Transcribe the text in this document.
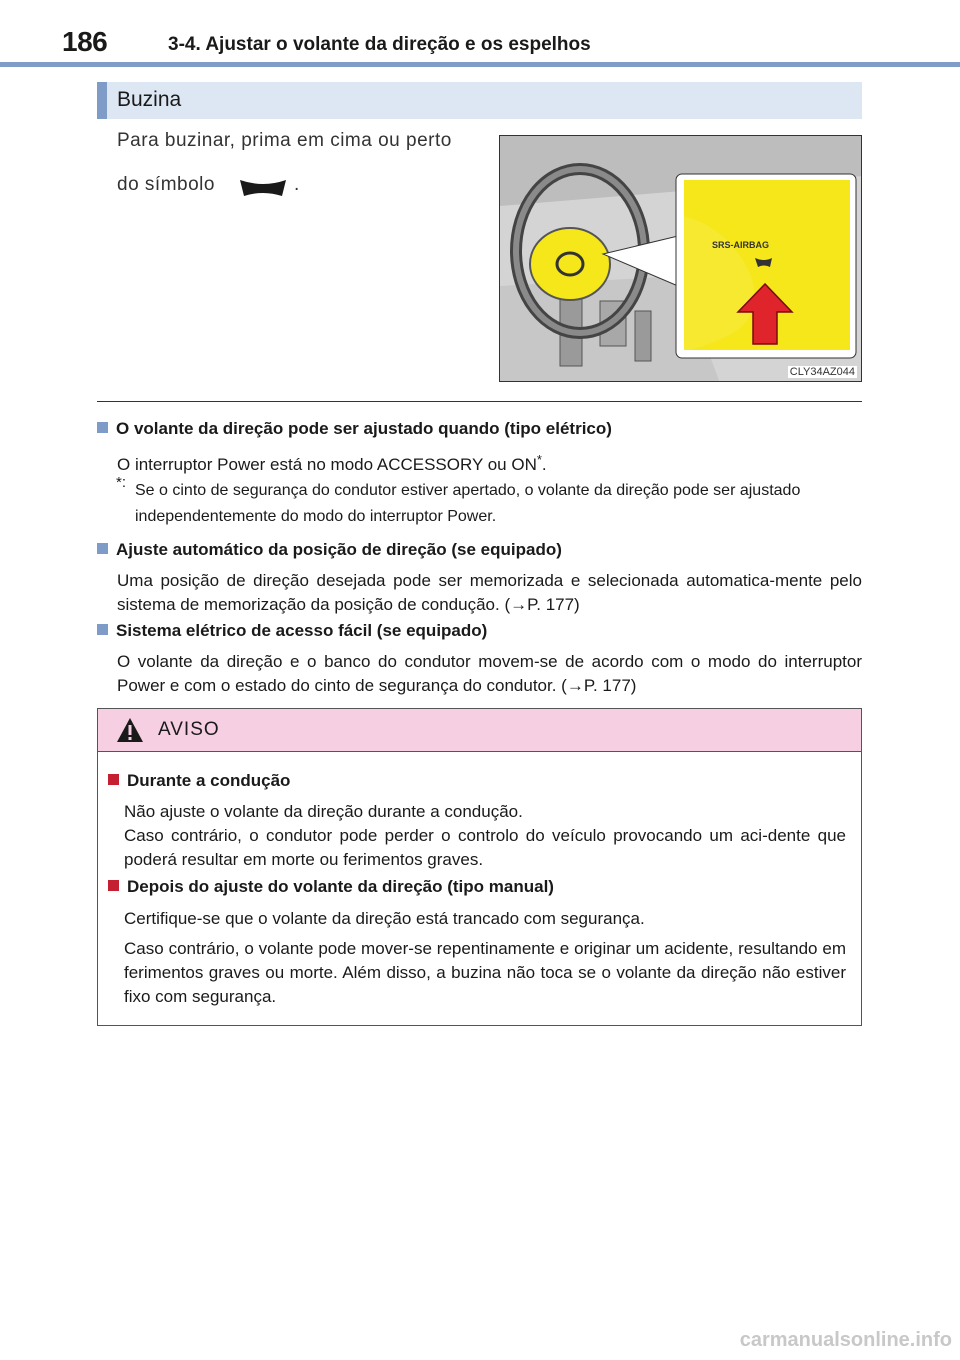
186	3-4. Ajustar o volante da direção e os espelhos
Buzina
Para buzinar, prima em cima ou perto
do símbolo	.
SRS-AIRBAG
CLY34AZ044
O volante da direção pode ser ajustado quando (tipo elétrico)
O interruptor Power está no modo ACCESSORY ou ON*.
*: Se o cinto de segurança do condutor estiver apertado, o volante da direção pode ser ajustado independentemente do modo do interruptor Power.
Ajuste automático da posição de direção (se equipado)
Uma posição de direção desejada pode ser memorizada e selecionada automatica-mente pelo sistema de memorização da posição de condução. (→P. 177)
Sistema elétrico de acesso fácil (se equipado)
O volante da direção e o banco do condutor movem-se de acordo com o modo do interruptor Power e com o estado do cinto de segurança do condutor. (→P. 177)
AVISO
Durante a condução
Não ajuste o volante da direção durante a condução.
Caso contrário, o condutor pode perder o controlo do veículo provocando um aci-dente que poderá resultar em morte ou ferimentos graves.
Depois do ajuste do volante da direção (tipo manual)
Certifique-se que o volante da direção está trancado com segurança.
Caso contrário, o volante pode mover-se repentinamente e originar um acidente, resultando em ferimentos graves ou morte. Além disso, a buzina não toca se o volante da direção não estiver fixo com segurança.
carmanualsonline.info
